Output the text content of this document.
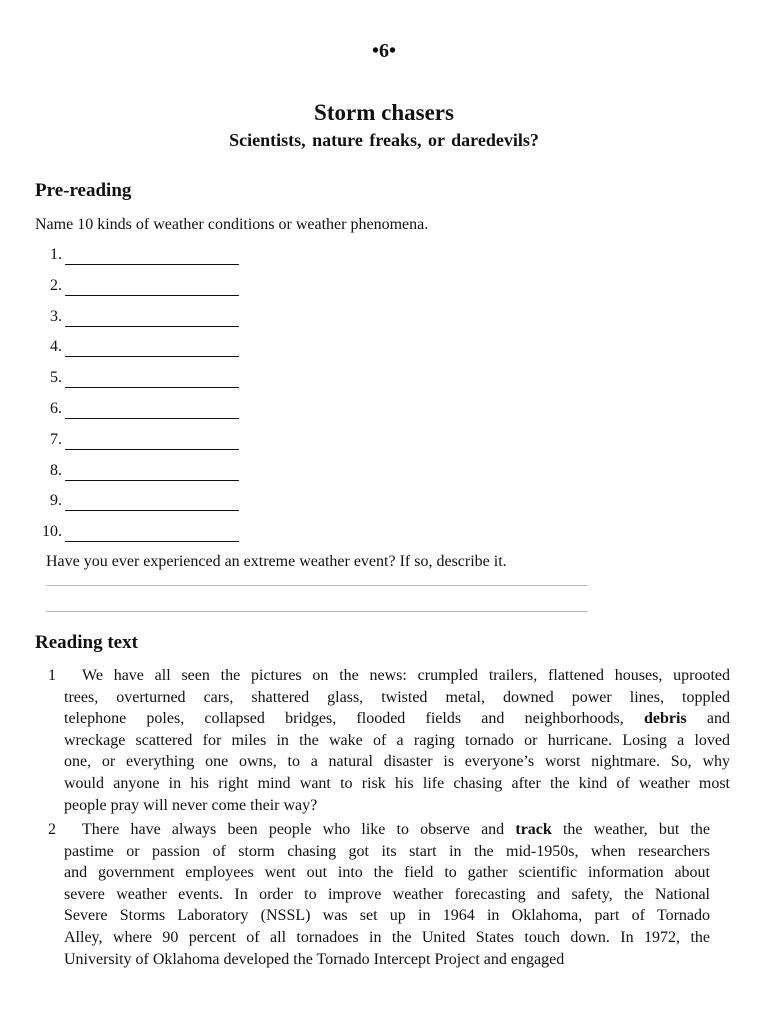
•6•
Storm chasers
Scientists, nature freaks, or daredevils?
Pre-reading
Name 10 kinds of weather conditions or weather phenomena.
1.
2.
3.
4.
5.
6.
7.
8.
9.
10.
Have you ever experienced an extreme weather event? If so, describe it.
Reading text
1 We have all seen the pictures on the news: crumpled trailers, flattened houses, uprooted
trees, overturned cars, shattered glass, twisted metal, downed power lines, toppled
telephone poles, collapsed bridges, flooded fields and neighborhoods, debris and
wreckage scattered for miles in the wake of a raging tornado or hurricane. Losing a loved
one, or everything one owns, to a natural disaster is everyone’s worst nightmare. So, why
would anyone in his right mind want to risk his life chasing after the kind of weather most
people pray will never come their way?
2 There have always been people who like to observe and track the weather, but the
pastime or passion of storm chasing got its start in the mid-1950s, when researchers
and government employees went out into the field to gather scientific information about
severe weather events. In order to improve weather forecasting and safety, the National
Severe Storms Laboratory (NSSL) was set up in 1964 in Oklahoma, part of Tornado
Alley, where 90 percent of all tornadoes in the United States touch down. In 1972, the
University of Oklahoma developed the Tornado Intercept Project and engaged
